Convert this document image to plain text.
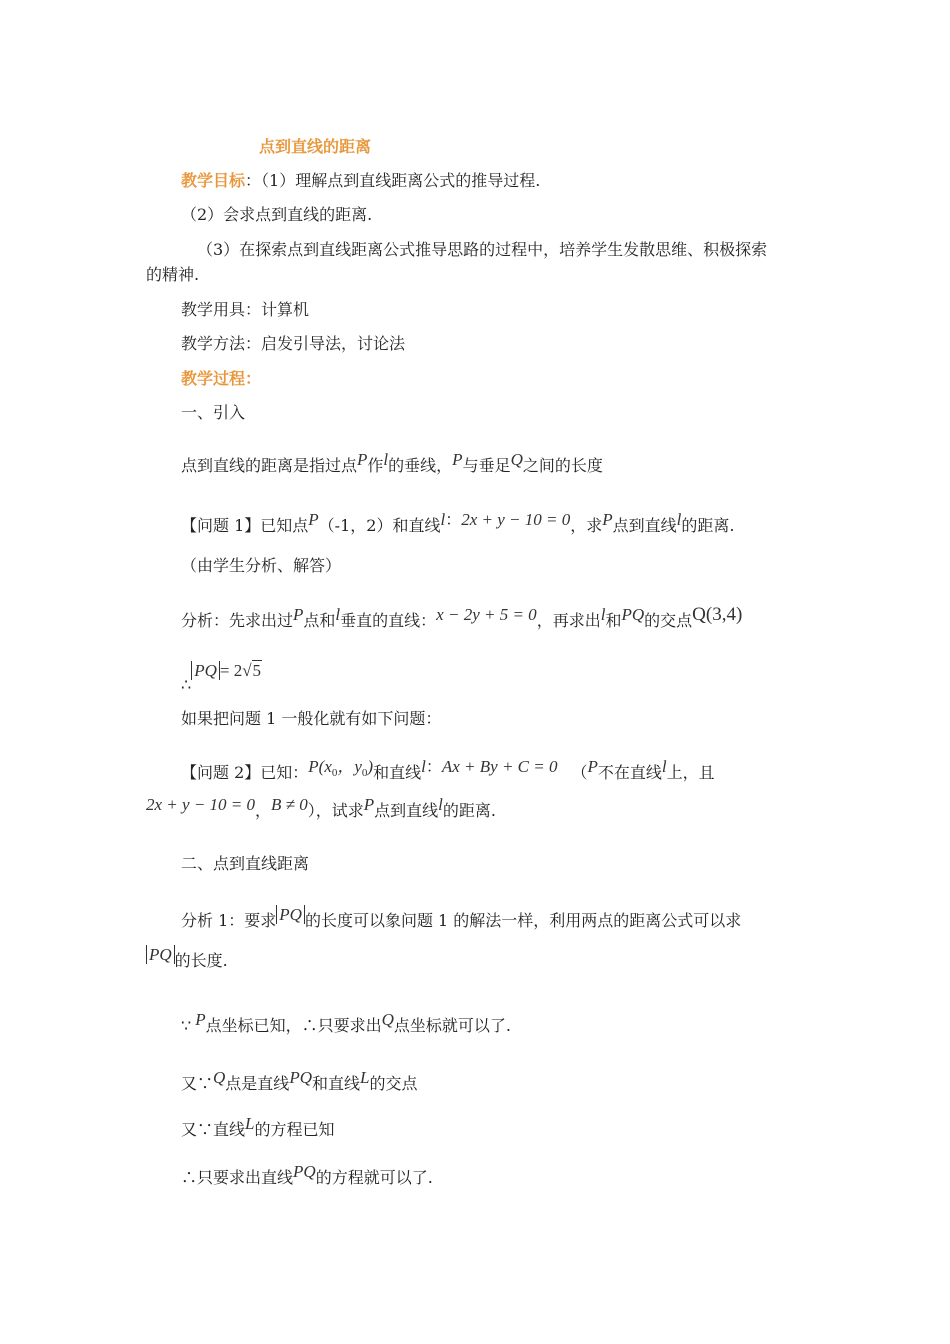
点到直线的距离
教学目标：（1）理解点到直线距离公式的推导过程.
（2）会求点到直线的距离.
（3）在探索点到直线距离公式推导思路的过程中，培养学生发散思维、积极探索
的精神.
教学用具：计算机
教学方法：启发引导法，讨论法
教学过程：
一、引入
点到直线的距离是指过点P作l的垂线，P与垂足Q之间的长度
【问题 1】已知点P（-1，2）和直线l：2x + y − 10 = 0，求P点到直线l的距离.
（由学生分析、解答）
分析：先求出过P点和l垂直的直线：x − 2y + 5 = 0，再求出l和PQ的交点Q(3,4)
∴PQ = 2√5
如果把问题 1 一般化就有如下问题：
【问题 2】已知：$P(x_0$，$y_0$)和直线l：Ax + By + C = 0 （P不在直线l上，且
2x + y − 10 = 0，B ≠ 0），试求P点到直线l的距离.
二、点到直线距离
分析 1：要求 PQ 的长度可以象问题 1 的解法一样，利用两点的距离公式可以求
PQ 的长度.
∵ P点坐标已知，∴只要求出Q点坐标就可以了.
又∵Q点是直线PQ和直线L的交点
又∵直线L的方程已知
∴只要求出直线PQ的方程就可以了.
